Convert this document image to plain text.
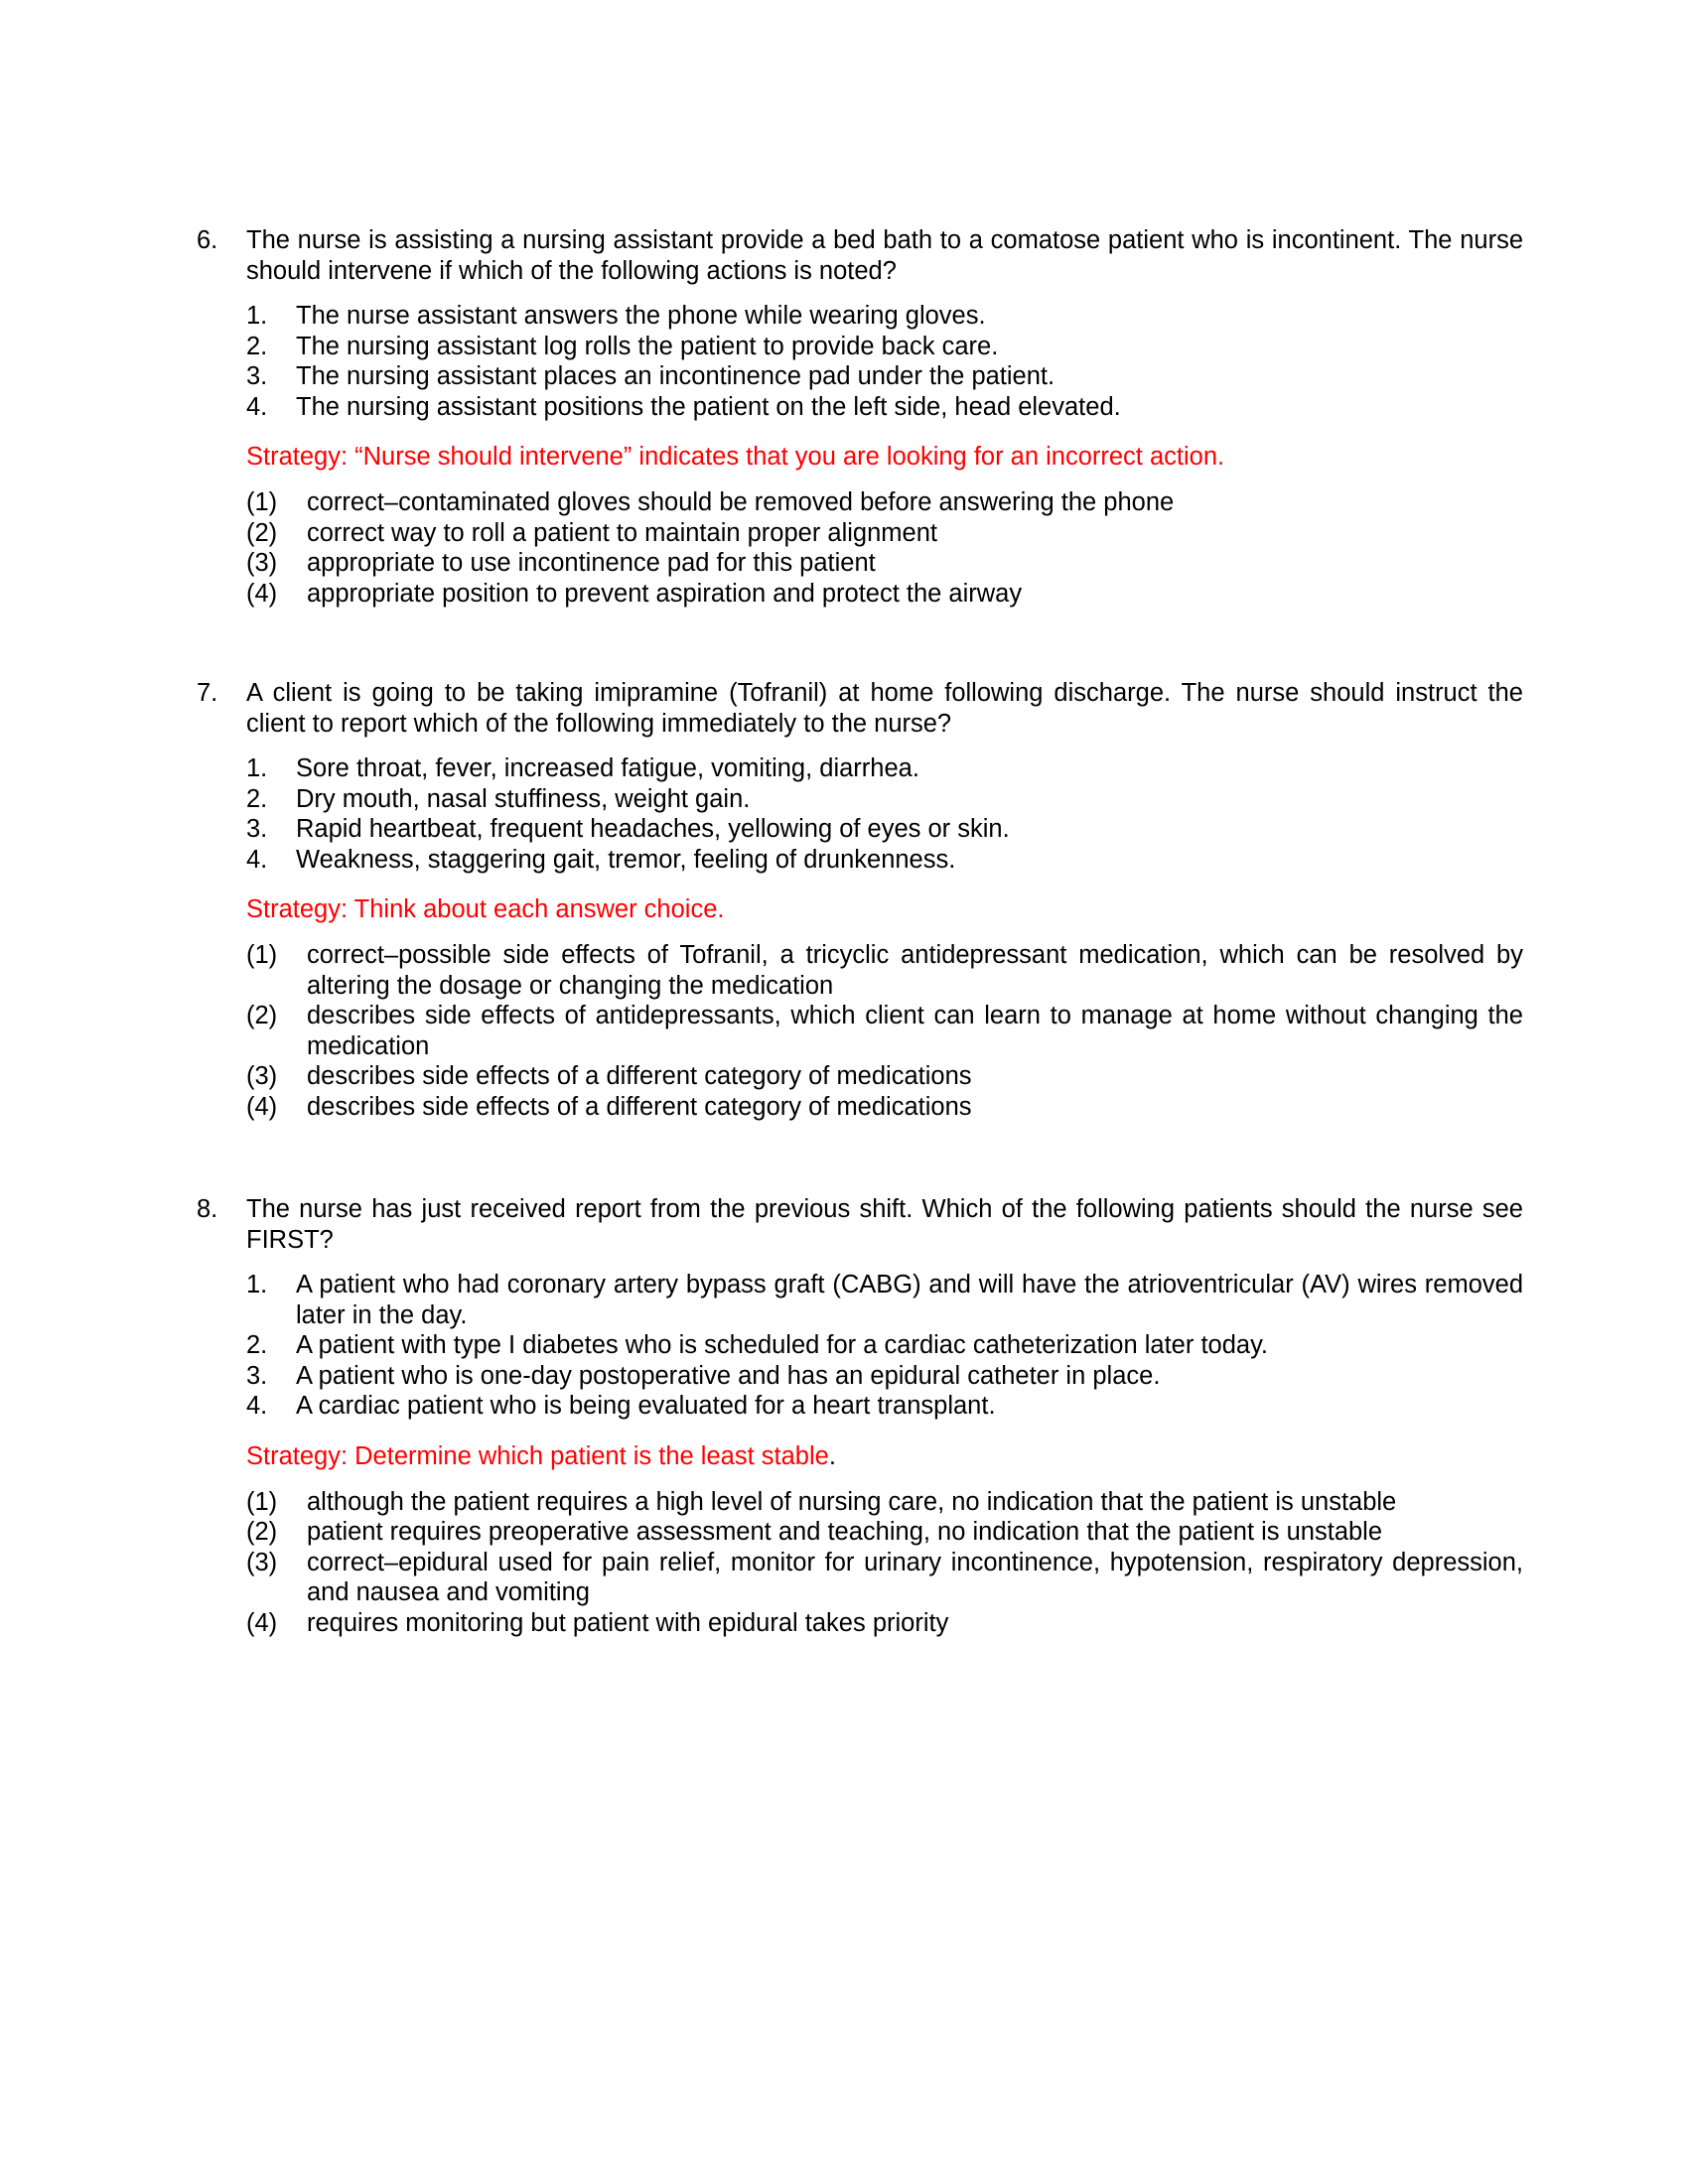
6.	The nurse is assisting a nursing assistant provide a bed bath to a comatose patient who is incontinent. The nurse should intervene if which of the following actions is noted?
1.	The nurse assistant answers the phone while wearing gloves.
2.	The nursing assistant log rolls the patient to provide back care.
3.	The nursing assistant places an incontinence pad under the patient.
4.	The nursing assistant positions the patient on the left side, head elevated.
Strategy: “Nurse should intervene” indicates that you are looking for an incorrect action.
(1)	correct–contaminated gloves should be removed before answering the phone
(2)	correct way to roll a patient to maintain proper alignment
(3)	appropriate to use incontinence pad for this patient
(4)	appropriate position to prevent aspiration and protect the airway
7.	A client is going to be taking imipramine (Tofranil) at home following discharge. The nurse should instruct the client to report which of the following immediately to the nurse?
1.	Sore throat, fever, increased fatigue, vomiting, diarrhea.
2.	Dry mouth, nasal stuffiness, weight gain.
3.	Rapid heartbeat, frequent headaches, yellowing of eyes or skin.
4.	Weakness, staggering gait, tremor, feeling of drunkenness.
Strategy: Think about each answer choice.
(1)	correct–possible side effects of Tofranil, a tricyclic antidepressant medication, which can be resolved by altering the dosage or changing the medication
(2)	describes side effects of antidepressants, which client can learn to manage at home without changing the medication
(3)	describes side effects of a different category of medications
(4)	describes side effects of a different category of medications
8.	The nurse has just received report from the previous shift. Which of the following patients should the nurse see FIRST?
1.	A patient who had coronary artery bypass graft (CABG) and will have the atrioventricular (AV) wires removed later in the day.
2.	A patient with type I diabetes who is scheduled for a cardiac catheterization later today.
3.	A patient who is one-day postoperative and has an epidural catheter in place.
4.	A cardiac patient who is being evaluated for a heart transplant.
Strategy: Determine which patient is the least stable.
(1)	although the patient requires a high level of nursing care, no indication that the patient is unstable
(2)	patient requires preoperative assessment and teaching, no indication that the patient is unstable
(3)	correct–epidural used for pain relief, monitor for urinary incontinence, hypotension, respiratory depression, and nausea and vomiting
(4)	requires monitoring but patient with epidural takes priority
